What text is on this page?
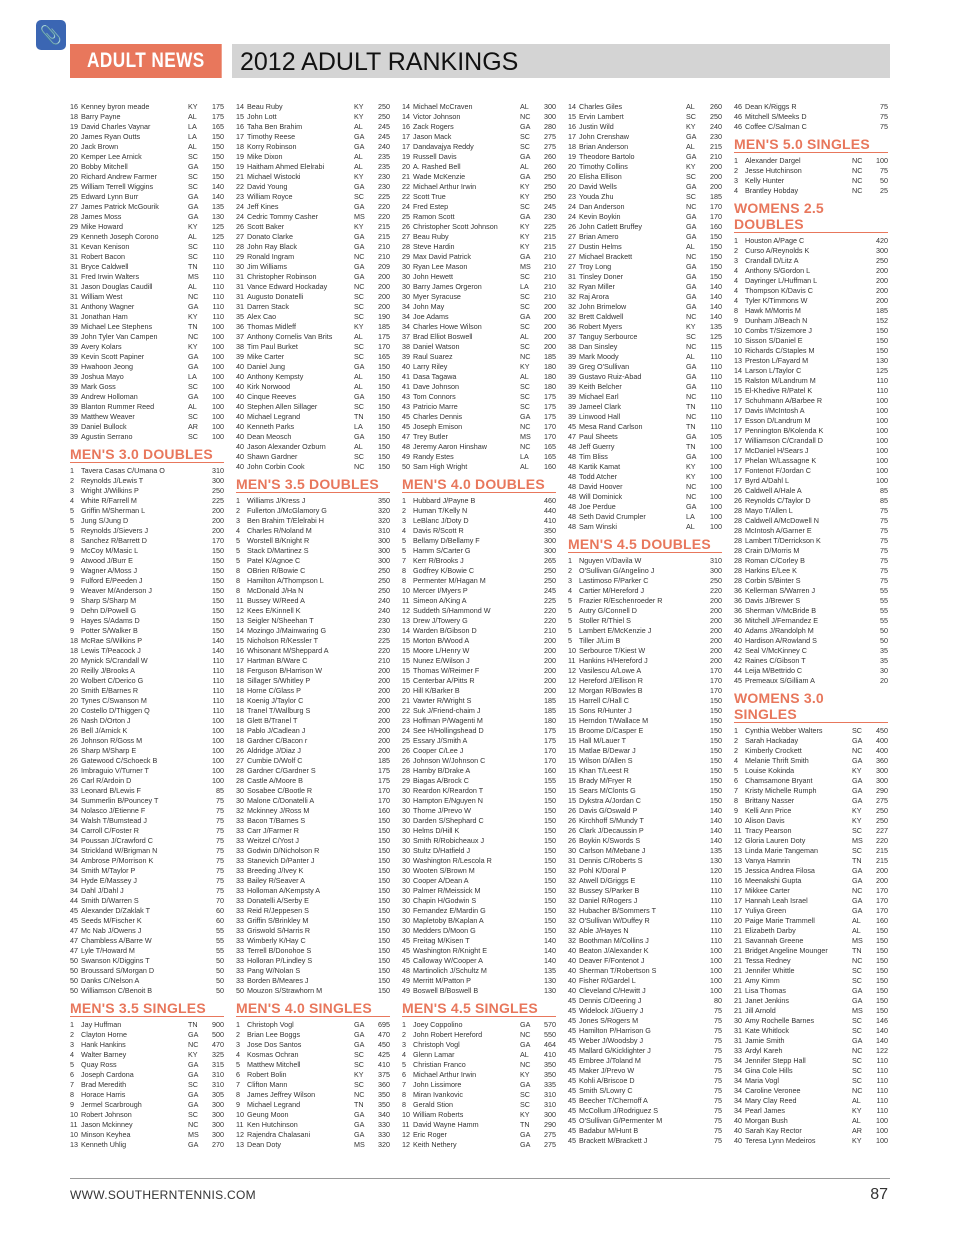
📎
ADULT NEWS	2012 ADULT RANKINGS
16 Kenney byron meade	KY	175
18 Barry Payne	AL	175
19 David Charles Vaynar	LA	165
20 James Ryan Outts	LA	150
20 Jack Brown	AL	150
20 Kemper Lee Arnick	SC	150
20 Bobby Mitchell	GA	150
20 Richard Andrew Farmer	SC	150
25 William Terrell Wiggins	SC	140
25 Edward Lynn Burr	GA	140
27 James Patrick McGourik	GA	135
28 James Moss	GA	130
29 Mike Howard	KY	125
29 Kenneth Joseph Corono	AL	125
31 Kevan Kenison	SC	110
31 Robert Bacon	SC	110
31 Bryce Caldwell	TN	110
31 Fred Irwin Walters	MS	110
31 Jason Douglas Caudill	AL	110
31 William West	NC	110
31 Anthony Wagner	GA	110
31 Jonathan Ham	KY	110
39 Michael Lee Stephens	TN	100
39 John Tyler Van Campen	NC	100
39 Avery Kolars	KY	100
39 Kevin Scott Papiner	GA	100
39 Hwahoon Jeong	GA	100
39 Joshua Mayo	LA	100
39 Mark Goss	SC	100
39 Andrew Holloman	GA	100
39 Blanton Rummer Reed	AL	100
39 Matthew Weaver	SC	100
39 Daniel Bullock	AR	100
39 Agustin Serrano	SC	100
MEN'S 3.0 DOUBLES
1 Tavera Casas C/Umana O	310
2 Reynolds J/Lewis T	300
3 Wright J/Wilkins P	250
4 White R/Farrell M	225
5 Griffin M/Sherman L	200
5 Jung S/Jung D	200
5 Reynolds J/Sievers J	200
8 Sanchez R/Barrett D	170
9 McCoy M/Masic L	150
9 Atwood J/Burr E	150
9 Wagner A/Moss J	150
9 Fulford E/Peeden J	150
9 Weaver M/Anderson J	150
9 Sharp S/Sharp M	150
9 Dehn D/Powell G	150
9 Hayes S/Adams D	150
9 Potter S/Walker B	150
18 McRae S/Wilkins P	140
18 Lewis T/Peacock J	140
20 Mynick S/Crandall W	110
20 Reilly J/Brooks A	110
20 Wolbert C/Derico G	110
20 Smith E/Barnes R	110
20 Tynes C/Swanson M	110
20 Costello D/Thiggen Q	110
26 Nash D/Orton J	100
26 Bell J/Arnick K	100
26 Johnson R/Goss M	100
26 Sharp M/Sharp E	100
26 Gatewood C/Schoeck B	100
26 Imbraguio V/Turner T	100
26 Carl R/Ardoin D	100
33 Leonard B/Lewis F	85
34 Summerlin B/Pouncey T	75
34 Nolasco J/Etienne F	75
34 Walsh T/Bumstead J	75
34 Carroll C/Foster R	75
34 Poussan J/Crawford C	75
34 Strickland W/Brigman N	75
34 Ambrose P/Morrison K	75
34 Smith M/Taylor P	75
34 Hyde E/Massey J	75
34 Dahl J/Dahl J	75
44 Smith D/Warren S	70
45 Alexander D/Zaklak T	60
45 Seeds M/Fischer K	60
47 Mc Nab J/Owens J	55
47 Chambless A/Barre W	55
47 Lyle T/Howard M	55
50 Swanson K/Diggins T	50
50 Broussard S/Morgan D	50
50 Danks C/Nelson A	50
50 Williamson C/Benoit B	50
MEN'S 3.5 SINGLES
1 Jay Huffman	TN	900
2 Clayton Horne	GA	500
3 Hank Hankins	NC	470
4 Walter Barney	KY	325
5 Quay Ross	GA	315
6 Joseph Cardona	GA	310
7 Brad Meredith	SC	310
8 Horace Harris	GA	305
9 Jermel Scarbrough	GA	300
10 Robert Johnson	SC	300
11 Jason Mckinney	NC	300
10 Minson Keyhea	MS	300
13 Kenneth Uhlig	GA	270
14 Beau Ruby	KY	250
15 John Lott	KY	250
16 Taha Ben Brahim	AL	245
17 Timothy Reese	GA	245
18 Korry Robinson	GA	240
19 Mike Dixon	AL	235
19 Haitham Ahmed Elelrabi	AL	235
21 Michael Wistocki	KY	230
22 David Young	GA	230
23 William Royce	SC	225
24 Jeff Kines	GA	220
24 Cedric Tommy Casher	MS	220
26 Scott Baker	KY	215
27 Donato Clarke	GA	215
28 John Ray Black	GA	210
29 Ronald Ingram	NC	210
30 Jim Williams	GA	209
31 Christopher Robinson	GA	200
31 Vance Edward Hockaday	NC	200
31 Augusto Donatelli	SC	200
31 Darren Stack	SC	200
35 Alex Cao	SC	190
36 Thomas Midleff	KY	185
37 Anthony Cornelis Van Brits	AL	175
38 Tim Paul Burket	SC	170
39 Mike Carter	SC	165
40 Daniel Jung	GA	150
40 Anthony Kempsty	AL	150
40 Kirk Norwood	AL	150
40 Cinque Reeves	GA	150
40 Stephen Allen Sillager	SC	150
40 Michael Legrand	TN	150
40 Kenneth Parks	LA	150
40 Dean Meosch	GA	150
40 Jason Alexander Ozburn	AL	150
40 Shawn Gardner	SC	150
40 John Corbin Cook	NC	150
MEN'S 3.5 DOUBLES
1 Williams J/Kress J	350
2 Fullerton J/McGlamory G	320
3 Ben Brahim T/Elelrabi H	320
4 Charles R/Noland M	310
5 Worstell B/Knight R	300
5 Stack D/Martinez S	300
5 Patel K/Agnoe C	300
8 OBrien R/Bowie C	250
8 Hamilton A/Thompson L	250
8 McDonald J/Ha N	250
11 Bussey W/Reed A	240
12 Kees E/Kinnell K	240
13 Seigler N/Sheehan T	230
14 Mozingo J/Mainwaring G	230
15 Nicholson R/Kessler T	225
16 Whisonant M/Sheppard A	220
17 Hartman B/Ware C	210
18 Ferguson B/Harrison W	200
18 Sillager S/Whitley P	200
18 Horne C/Glass P	200
18 Koenig J/Taylor C	200
18 Tranel T/Wallburg S	200
18 Glett B/Tranel T	200
18 Pablo J/Cadlean J	200
18 Gardner C/Bacon r	200
26 Aldridge J/Diaz J	200
27 Cumbie D/Wolf C	185
28 Gardner C/Gardner S	175
28 Castle A/Moore B	175
30 Sosabee C/Bootle R	170
30 Malone C/Donatelli A	170
32 Mckinney J/Ross M	160
33 Bacon T/Barnes S	150
33 Carr J/Farmer R	150
33 Weitzel C/Yost J	150
33 Godwin D/Nicholson R	150
33 Stanevich D/Panter J	150
33 Breeding J/Ivey K	150
33 Bailey R/Seaver A	150
33 Holloman A/Kempsty A	150
33 Donatelli A/Serby E	150
33 Reid R/Jeppesen S	150
33 Griffin S/Brinkley M	150
33 Griswold S/Harris R	150
33 Wimberly K/Hay C	150
33 Terrell B/Donohoe S	150
33 Holloran P/Lindley S	150
33 Pang W/Nolan S	150
33 Borden B/Meares J	150
50 Mouzon S/Strawhorn M	150
MEN'S 4.0 SINGLES
1 Christoph Vogl	GA	695
2 Brian Lee Boggs	GA	470
3 Jose Dos Santos	GA	450
4 Kosmas Ochran	SC	425
5 Matthew Mitchell	SC	410
6 Robert Bolin	KY	375
7 Clifton Mann	SC	360
8 James Jeffrey Wilson	NC	350
9 Michael Legrand	TN	350
10 Geung Moon	GA	340
11 Ken Hutchinson	GA	330
12 Rajendra Chalasani	GA	330
13 Dean Doty	MS	320
14 Michael McCraven	AL	300
14 Victor Johnson	NC	300
16 Zack Rogers	GA	280
17 Jason Mack	SC	275
17 Dandavajya Reddy	SC	275
19 Russell Davis	GA	260
20 A. Rashed Bell	AL	260
21 Wade McKenzie	GA	250
22 Michael Arthur Irwin	KY	250
22 Scott True	KY	250
24 Fred Estep	SC	245
25 Ramon Scott	GA	230
26 Christopher Scott Johnson	KY	225
27 Beau Ruby	KY	215
28 Steve Hardin	KY	215
29 Max David Patrick	GA	210
30 Ryan Lee Mason	MS	210
30 John Hewett	SC	210
30 Barry James Orgeron	LA	210
30 Myer Syracuse	SC	210
34 John May	SC	200
34 Joe Adams	GA	200
34 Charles Howe Wilson	SC	200
37 Brad Elliot Boswell	AL	200
38 Daniel Watson	SC	200
39 Raul Suarez	NC	185
40 Larry Riley	KY	180
41 Dasa Tagawa	AL	180
41 Dave Johnson	SC	180
43 Tom Connors	SC	175
43 Patricio Marre	SC	175
45 Charles Dennis	GA	175
45 Joseph Emison	NC	170
47 Trey Butler	MS	170
48 Jeremy Aaron Hinshaw	NC	165
49 Randy Estes	LA	165
50 Sam High Wright	AL	160
MEN'S 4.0 DOUBLES
1 Hubbard J/Payne B	460
2 Human T/Kelly N	440
3 LeBlanc J/Doty D	410
4 Davis R/Scott R	350
5 Bellamy D/Bellamy F	300
5 Hamm S/Carter G	300
7 Kerr R/Brooks J	265
8 Godfrey K/Bowie C	250
8 Permenter M/Hagan M	250
10 Mercer I/Myers P	245
11 Simeon A/King A	225
12 Suddeth S/Hammond W	220
13 Drew J/Towery G	220
14 Warden B/Gibson D	210
15 Morton B/Wood A	200
15 Moore L/Henry W	200
15 Nunez E/Wilson J	200
15 Thomas W/Reimer F	200
15 Centerbar A/Pitts R	200
20 Hill K/Barker B	200
21 Vawter R/Wright S	185
22 Suk J/Friend-chaim J	185
23 Hoffman P/Wagenti M	180
24 See H/Hollingshead D	175
25 Essary J/Smith A	175
26 Cooper C/Lee J	170
26 Johnson W/Johnson C	170
28 Hamby B/Drake A	160
29 Biagas A/Brock C	155
30 Reardon K/Reardon T	150
30 Hampton E/Nguyen N	150
30 Thorne J/Prevo W	150
30 Darden S/Shephard C	150
30 Helms D/Hill K	150
30 Smith R/Robicheaux J	150
30 Stultz D/Hatfield J	150
30 Washington R/Lescola R	150
30 Wooten S/Brown M	150
30 Cooper A/Dean A	150
30 Palmer R/Meissick M	150
30 Chapin H/Godwin S	150
30 Fernandez E/Mardin G	150
30 Mapletoby B/Kaplan A	150
30 Medders D/Moon G	150
45 Freitag M/Kisen T	140
45 Washington R/Knight E	140
45 Calloway W/Cooper A	140
48 Martinolich J/Schultz M	135
49 Merritt M/Patton P	130
49 Boswell B/Boswell B	130
MEN'S 4.5 SINGLES
1 Joey Coppolino	GA	570
2 John Robert Hereford	NC	550
3 Christoph Vogl	GA	464
4 Glenn Lamar	AL	410
5 Christian Franco	NC	350
6 Michael Arthur Irwin	KY	350
7 John Lissimore	GA	335
8 Miran Ivankovic	SC	310
8 Gerald Stion	SC	310
10 William Roberts	KY	300
11 David Wayne Hamm	TN	290
12 Eric Roger	GA	275
12 Keith Nethery	GA	275
14 Charles Giles	AL	260
15 Ervin Lambert	SC	250
16 Justin Wild	KY	240
17 John Crenshaw	GA	230
18 Brian Anderson	AL	215
19 Theodore Bartolo	GA	210
20 Timothy Collins	KY	200
20 Elisha Ellison	SC	200
20 David Wells	GA	200
23 Youda Zhu	SC	185
24 Dan Anderson	NC	170
24 Kevin Boykin	GA	170
26 John Catlett Bruffey	GA	160
27 Brian Amero	GA	150
27 Dustin Helms	AL	150
27 Michael Brackett	NC	150
27 Troy Long	GA	150
31 Tinsley Doner	GA	150
32 Ryan Miller	GA	140
32 Raj Arora	GA	140
32 John Brimelow	GA	140
32 Brett Caldwell	NC	140
36 Robert Myers	KY	135
37 Tanguy Serbource	SC	125
38 Dan Sinsley	NC	115
39 Mark Moody	AL	110
39 Greg O'Sullivan	GA	110
39 Gustavo Ruiz-Abad	GA	110
39 Keith Belcher	GA	110
39 Michael Earl	NC	110
39 Jameel Clark	TN	110
39 Linwood Hall	NC	110
45 Mesa Rand Carlson	TN	110
47 Paul Sheets	GA	105
48 Jeff Guerry	TN	100
48 Tim Bliss	GA	100
48 Kartik Kamat	KY	100
48 Todd Atcher	KY	100
48 David Hoover	NC	100
48 Will Dominick	NC	100
48 Joe Perdue	GA	100
48 Seth David Crumpler	LA	100
48 Sam Winski	AL	100
MEN'S 4.5 DOUBLES
1 Nguyen V/Davila W	310
2 O'Sullivan G/Angelino J	300
3 Lastimoso F/Parker C	250
4 Cartier M/Hereford J	220
5 Frazier R/Eschenroeder R	200
5 Autry G/Connell D	200
5 Stoller R/Thiel S	200
5 Lambert E/McKenzie J	200
5 Tiller J/Lim B	200
10 Serbource T/Kiest W	200
11 Hankins H/Hereford J	200
12 Vasilescu A/Lowe A	170
12 Hereford J/Ellison R	170
12 Morgan R/Bowles B	170
15 Harrell C/Hall C	150
15 Sons R/Hunter J	150
15 Herndon T/Wallace M	150
15 Broome D/Casper E	150
15 Hall M/Lauer T	150
15 Matlae B/Dewar J	150
15 Wilson D/Allen S	150
15 Khan T/Leest R	150
15 Brady M/Fryer R	150
15 Sears M/Clonts G	150
15 Dykstra A/Jordan C	150
26 Davis G/Oswald P	140
26 Kirchhoff S/Mundy T	140
26 Clark J/Decaussin P	140
26 Boykin K/Swords S	140
30 Carlson M/Mebane J	135
31 Dennis C/Roberts S	130
32 Pohl K/Doral P	120
32 Atwell D/Griggs E	110
32 Bussey S/Parker B	110
32 Daniel R/Rogers J	110
32 Hubacher B/Sommers T	110
32 O'Sullivan W/Duffey R	110
32 Able J/Hayes N	110
32 Boothman M/Collins J	110
40 Beaton J/Alexander K	100
40 Deaver F/Fontenot J	100
40 Sherman T/Robertson S	100
40 Fisher R/Gardel L	100
40 Cleveland C/Hewitt J	100
45 Dennis C/Deering J	80
45 Widelock J/Guerry J	75
45 Jones S/Rogers M	75
45 Hamilton P/Harrison G	75
45 Weber J/Woodsby J	75
45 Mallard G/Kicklighter J	75
45 Embree J/Toland M	75
45 Maker J/Prevo W	75
45 Kohli A/Briscoe D	75
45 Smith S/Lowry C	75
45 Beecher T/Chernoff A	75
45 McCollum J/Rodriguez S	75
45 O'Sullivan G/Permenter M	75
45 Badabur M/Hunt B	75
45 Brackett M/Brackett J	75
46 Dean K/Riggs R	75
46 Mitchell S/Meeks D	75
46 Coffee C/Salman C	75
MEN'S 5.0 SINGLES
1 Alexander Dargel	NC	100
2 Jesse Hutchinson	NC	75
3 Kelly Hunter	NC	50
4 Brantley Hobday	NC	25
WOMENS 2.5 DOUBLES
1 Houston A/Page C	420
2 Curso A/Reynolds K	300
3 Crandall D/Litz A	250
4 Anthony S/Gordon L	200
4 Dayringer L/Huffman L	200
4 Thompson K/Davis C	200
4 Tyler K/Timmons W	200
8 Hawk M/Morris M	185
9 Dunham J/Beach N	152
10 Combs T/Sizemore J	150
10 Sisson S/Daniel E	150
10 Richards C/Staples M	150
13 Preston L/Fayard M	130
14 Larson L/Taylor C	125
15 Ralston M/Landrum M	110
15 El-Khedive R/Patel K	110
17 Schuhmann A/Barbee R	100
17 Davis I/McIntosh A	100
17 Esson D/Landrum M	100
17 Pennington B/Kolenda K	100
17 Williamson C/Crandall D	100
17 McDaniel H/Sears J	100
17 Phelan W/Lassagne K	100
17 Fontenot F/Jordan C	100
17 Byrd A/Dahl L	100
26 Caldwell A/Hale A	85
26 Reynolds C/Taylor D	85
28 Mayo T/Allen L	75
28 Caldwell A/McDowell N	75
28 McIntosh A/Garner E	75
28 Lambert T/Derrickson K	75
28 Crain D/Morris M	75
28 Roman C/Corley B	75
28 Harkins E/Lee K	75
28 Corbin S/Binter S	75
36 Kellerman S/Warren J	55
36 Davis J/Brewer S	55
36 Sherman V/McBride B	55
36 Mitchell J/Fernandez E	55
40 Adams J/Randolph M	50
40 Hardison A/Rowland S	50
42 Seal V/McKinney C	35
42 Raines C/Gibson T	35
44 Leija M/Bettrido C	30
45 Premeaux S/Gilliam A	20
WOMENS 3.0 SINGLES
1 Cynthia Webber Walters	SC	450
2 Sarah Hackaday	GA	400
2 Kimberly Crockett	NC	400
4 Melanie Thrift Smith	GA	360
5 Louise Kokinda	KY	300
6 Chamsamone Bryant	GA	300
7 Kristy Michelle Rumph	GA	290
8 Brittany Nasser	GA	275
9 Kelli Ann Price	KY	250
10 Alison Davis	KY	250
11 Tracy Pearson	SC	227
12 Gloria Lauren Doty	MS	220
13 Linda Marie Tangeman	SC	215
13 Vanya Hamrin	TN	215
15 Jessica Andrea Filosa	GA	200
16 Meenakshi Gupta	GA	200
17 Mikkee Carter	NC	170
17 Hannah Leah Israel	GA	170
17 Yuliya Green	GA	170
20 Paige Marie Trammell	AL	160
21 Elizabeth Darby	AL	150
21 Savannah Greene	MS	150
21 Bridget Angeline Mounger	TN	150
21 Tessa Redney	NC	150
21 Jennifer Whittle	SC	150
21 Amy Kimm	SC	150
21 Lisa Thomas	GA	150
21 Janet Jenkins	GA	150
21 Jill Arnold	MS	150
30 Amy Rochelle Barnes	SC	146
31 Kate Whitlock	SC	140
31 Jamie Smith	GA	140
33 Ardyl Kareh	NC	122
34 Jennifer Stepp Hall	SC	110
34 Gina Cole Hills	SC	110
34 Maria Vogl	SC	110
34 Caroline Veronee	NC	110
34 Mary Clay Reed	AL	110
34 Pearl James	KY	110
40 Morgan Bush	AL	100
40 Sarah Kay Rector	AR	100
40 Teresa Lynn Medeiros	KY	100
WWW.SOUTHERNTENNIS.COM	87
